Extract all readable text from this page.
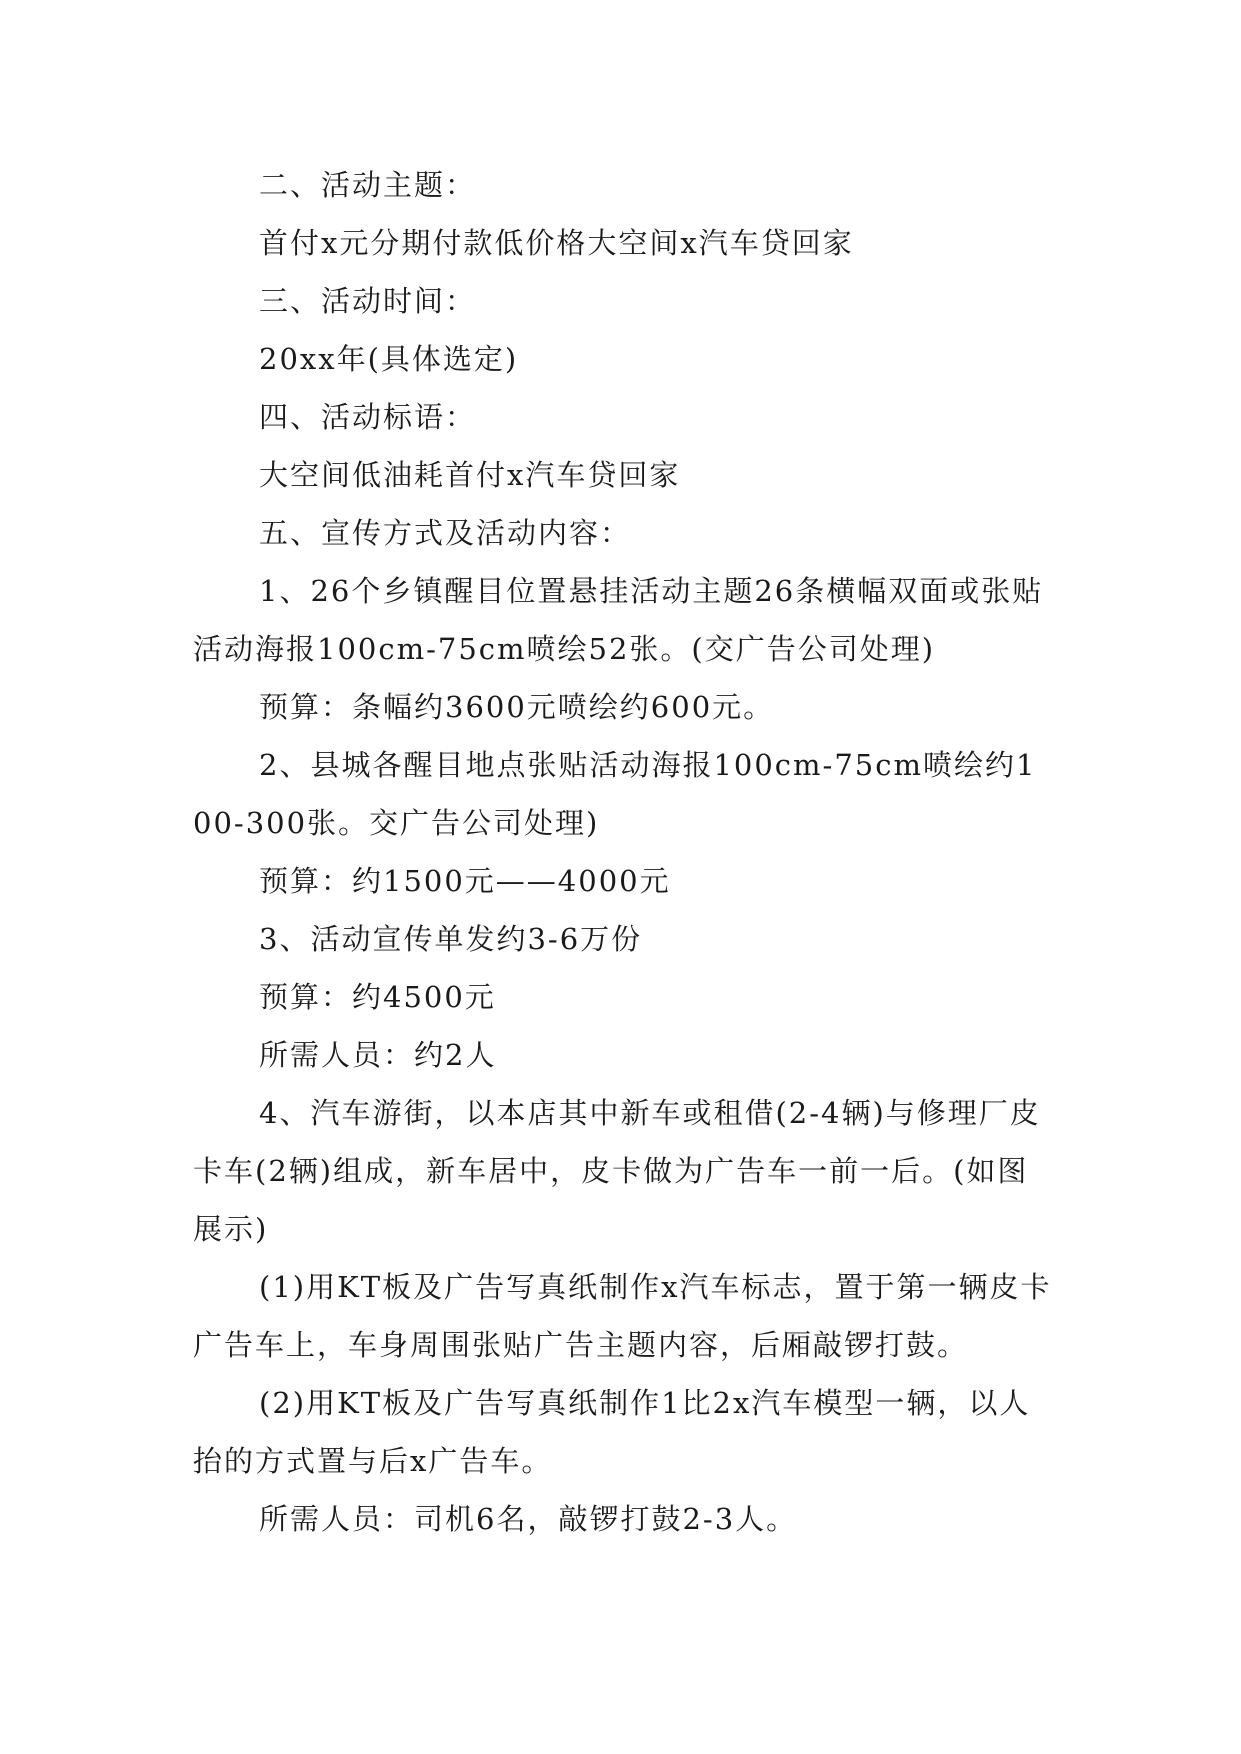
二、活动主题：

首付x元分期付款低价格大空间x汽车贷回家

三、活动时间：

20xx年(具体选定)

四、活动标语：

大空间低油耗首付x汽车贷回家

五、宣传方式及活动内容：

1、26个乡镇醒目位置悬挂活动主题26条横幅双面或张贴活动海报100cm-75cm喷绘52张。(交广告公司处理)

预算：条幅约3600元喷绘约600元。

2、县城各醒目地点张贴活动海报100cm-75cm喷绘约100-300张。交广告公司处理)

预算：约1500元——4000元

3、活动宣传单发约3-6万份

预算：约4500元

所需人员：约2人

4、汽车游街，以本店其中新车或租借(2-4辆)与修理厂皮卡车(2辆)组成，新车居中，皮卡做为广告车一前一后。(如图展示)

(1)用KT板及广告写真纸制作x汽车标志，置于第一辆皮卡广告车上，车身周围张贴广告主题内容，后厢敲锣打鼓。

(2)用KT板及广告写真纸制作1比2x汽车模型一辆，以人抬的方式置与后x广告车。

所需人员：司机6名，敲锣打鼓2-3人。
